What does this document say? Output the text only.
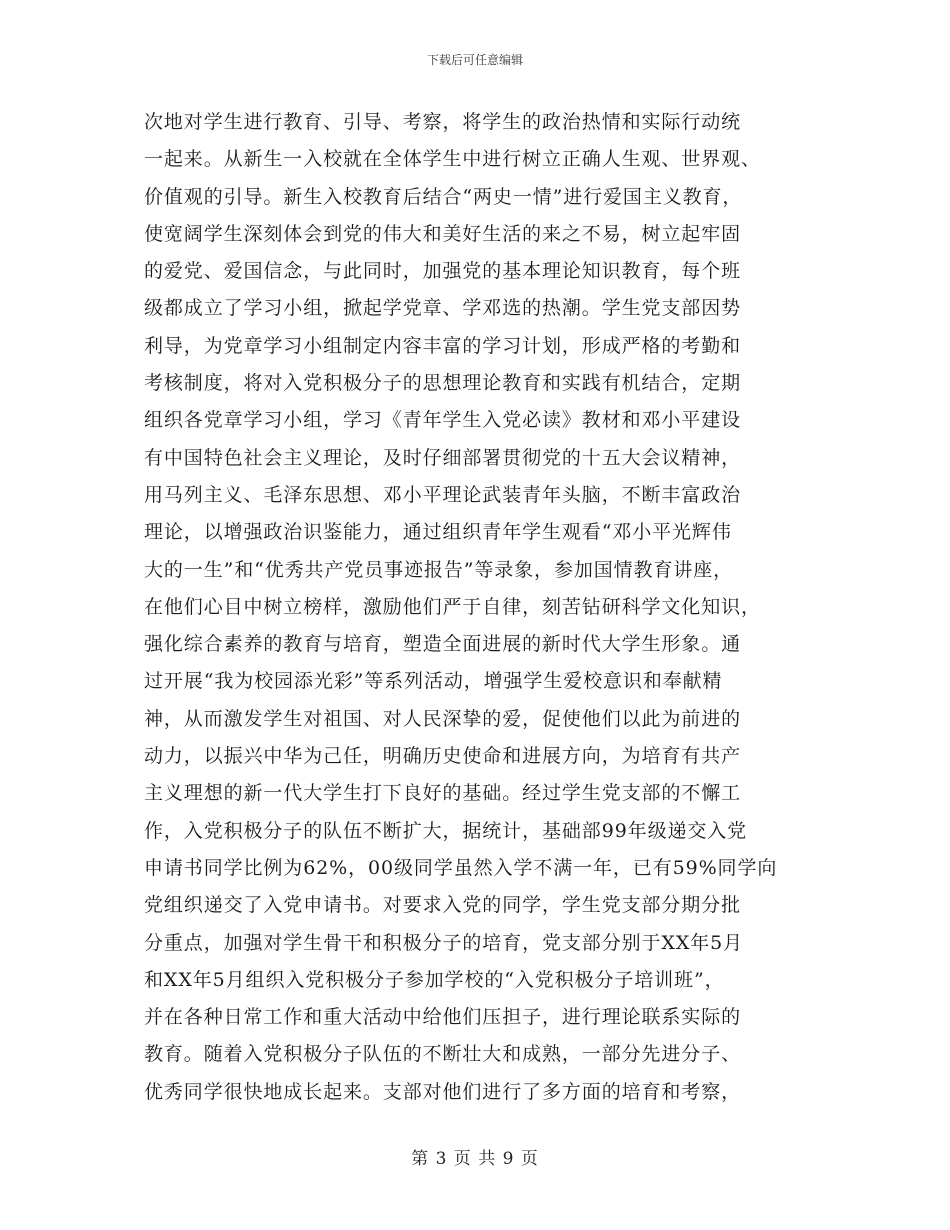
下载后可任意编辑
次地对学生进行教育、引导、考察，将学生的政治热情和实际行动统
一起来。从新生一入校就在全体学生中进行树立正确人生观、世界观、
价值观的引导。新生入校教育后结合“两史一情”进行爱国主义教育，
使宽阔学生深刻体会到党的伟大和美好生活的来之不易，树立起牢固
的爱党、爱国信念，与此同时，加强党的基本理论知识教育，每个班
级都成立了学习小组，掀起学党章、学邓选的热潮。学生党支部因势
利导，为党章学习小组制定内容丰富的学习计划，形成严格的考勤和
考核制度，将对入党积极分子的思想理论教育和实践有机结合，定期
组织各党章学习小组，学习《青年学生入党必读》教材和邓小平建设
有中国特色社会主义理论，及时仔细部署贯彻党的十五大会议精神，
用马列主义、毛泽东思想、邓小平理论武装青年头脑，不断丰富政治
理论，以增强政治识鉴能力，通过组织青年学生观看“邓小平光辉伟
大的一生”和“优秀共产党员事迹报告”等录象，参加国情教育讲座，
在他们心目中树立榜样，激励他们严于自律，刻苦钻研科学文化知识，
强化综合素养的教育与培育，塑造全面进展的新时代大学生形象。通
过开展“我为校园添光彩”等系列活动，增强学生爱校意识和奉献精
神，从而激发学生对祖国、对人民深挚的爱，促使他们以此为前进的
动力，以振兴中华为己任，明确历史使命和进展方向，为培育有共产
主义理想的新一代大学生打下良好的基础。经过学生党支部的不懈工
作，入党积极分子的队伍不断扩大，据统计，基础部99年级递交入党
申请书同学比例为62%，00级同学虽然入学不满一年，已有59%同学向
党组织递交了入党申请书。对要求入党的同学，学生党支部分期分批
分重点，加强对学生骨干和积极分子的培育，党支部分别于XX年5月
和XX年5月组织入党积极分子参加学校的“入党积极分子培训班”，
并在各种日常工作和重大活动中给他们压担子，进行理论联系实际的
教育。随着入党积极分子队伍的不断壮大和成熟，一部分先进分子、
优秀同学很快地成长起来。支部对他们进行了多方面的培育和考察，
第 3 页 共 9 页
